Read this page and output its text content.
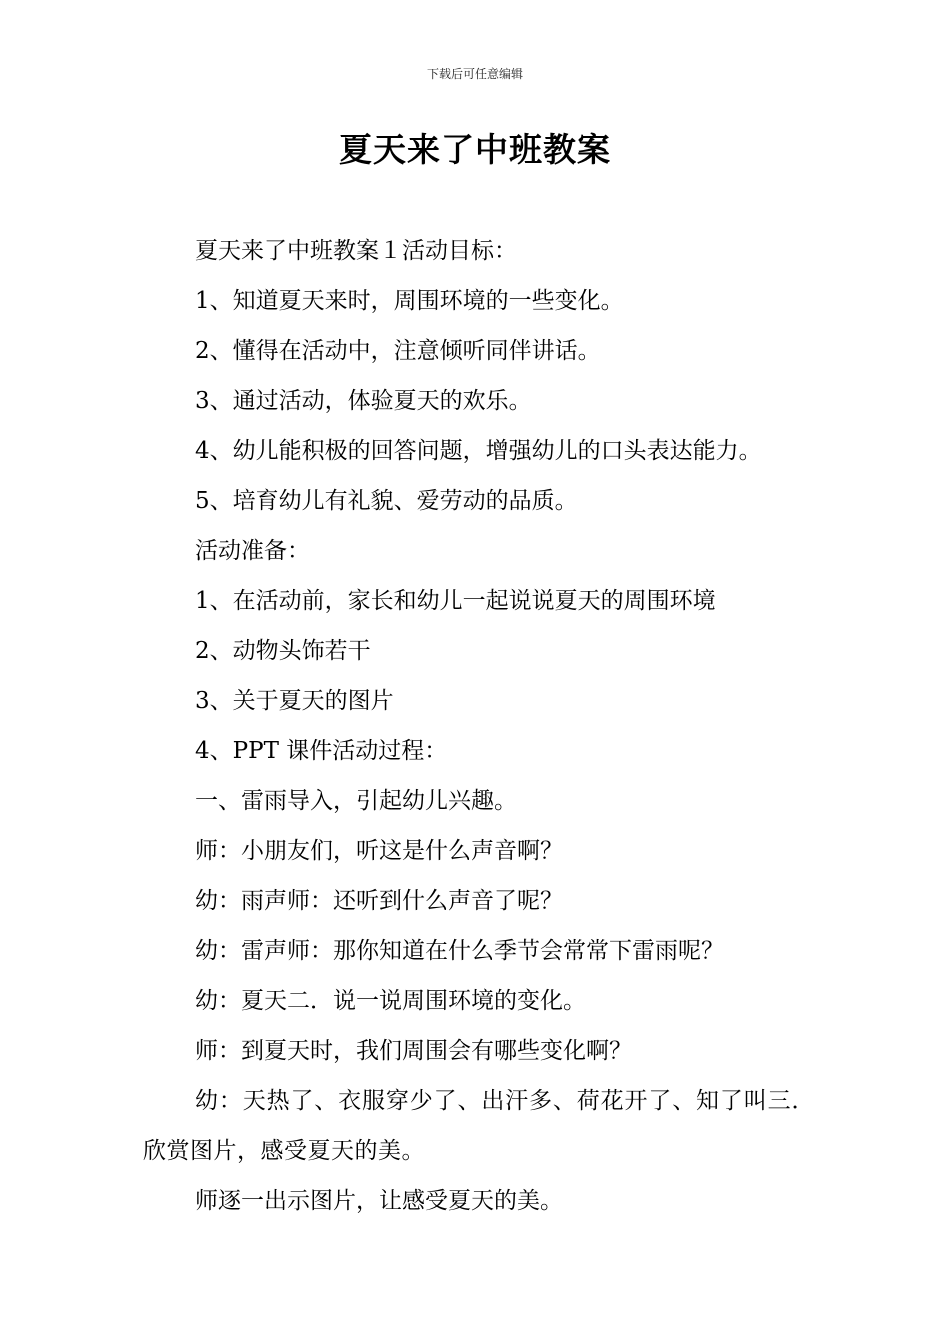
下载后可任意编辑
夏天来了中班教案

夏天来了中班教案１活动目标：

1、知道夏天来时，周围环境的一些变化。

2、懂得在活动中，注意倾听同伴讲话。

3、通过活动，体验夏天的欢乐。

4、幼儿能积极的回答问题，增强幼儿的口头表达能力。

5、培育幼儿有礼貌、爱劳动的品质。

活动准备：

1、在活动前，家长和幼儿一起说说夏天的周围环境

2、动物头饰若干

3、关于夏天的图片

4、PPT 课件活动过程：

一、雷雨导入，引起幼儿兴趣。

师：小朋友们，听这是什么声音啊？

幼：雨声师：还听到什么声音了呢？

幼：雷声师：那你知道在什么季节会常常下雷雨呢？

幼：夏天二．说一说周围环境的变化。

师：到夏天时，我们周围会有哪些变化啊？

幼：天热了、衣服穿少了、出汗多、荷花开了、知了叫三．欣赏图片，感受夏天的美。

师逐一出示图片，让感受夏天的美。
